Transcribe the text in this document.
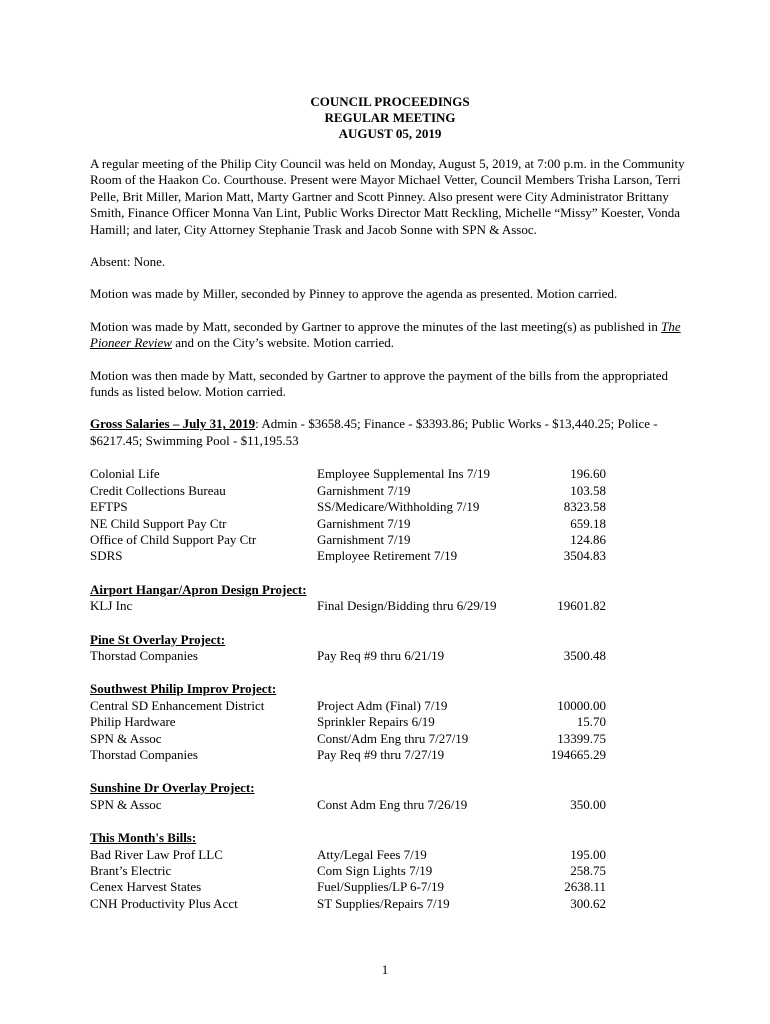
COUNCIL PROCEEDINGS
REGULAR MEETING
AUGUST 05, 2019

A regular meeting of the Philip City Council was held on Monday, August 5, 2019, at 7:00 p.m. in the Community Room of the Haakon Co. Courthouse. Present were Mayor Michael Vetter, Council Members Trisha Larson, Terri Pelle, Brit Miller, Marion Matt, Marty Gartner and Scott Pinney. Also present were City Administrator Brittany Smith, Finance Officer Monna Van Lint, Public Works Director Matt Reckling, Michelle “Missy” Koester, Vonda Hamill; and later, City Attorney Stephanie Trask and Jacob Sonne with SPN & Assoc.

Absent: None.

Motion was made by Miller, seconded by Pinney to approve the agenda as presented. Motion carried.

Motion was made by Matt, seconded by Gartner to approve the minutes of the last meeting(s) as published in The Pioneer Review and on the City’s website. Motion carried.

Motion was then made by Matt, seconded by Gartner to approve the payment of the bills from the appropriated funds as listed below. Motion carried.

Gross Salaries – July 31, 2019: Admin - $3658.45; Finance - $3393.86; Public Works - $13,440.25; Police - $6217.45; Swimming Pool - $11,195.53

Colonial Life	Employee Supplemental Ins 7/19	196.60
Credit Collections Bureau	Garnishment 7/19	103.58
EFTPS	SS/Medicare/Withholding 7/19	8323.58
NE Child Support Pay Ctr	Garnishment 7/19	659.18
Office of Child Support Pay Ctr	Garnishment 7/19	124.86
SDRS	Employee Retirement 7/19	3504.83
Airport Hangar/Apron Design Project:
KLJ Inc	Final Design/Bidding thru 6/29/19	19601.82
Pine St Overlay Project:
Thorstad Companies	Pay Req #9 thru 6/21/19	3500.48
Southwest Philip Improv Project:
Central SD Enhancement District	Project Adm (Final) 7/19	10000.00
Philip Hardware	Sprinkler Repairs 6/19	15.70
SPN & Assoc	Const/Adm Eng thru 7/27/19	13399.75
Thorstad Companies	Pay Req #9 thru 7/27/19	194665.29
Sunshine Dr Overlay Project:
SPN & Assoc	Const Adm Eng thru 7/26/19	350.00
This Month's Bills:
Bad River Law Prof LLC	Atty/Legal Fees 7/19	195.00
Brant’s Electric	Com Sign Lights 7/19	258.75
Cenex Harvest States	Fuel/Supplies/LP 6-7/19	2638.11
CNH Productivity Plus Acct	ST Supplies/Repairs 7/19	300.62
1
